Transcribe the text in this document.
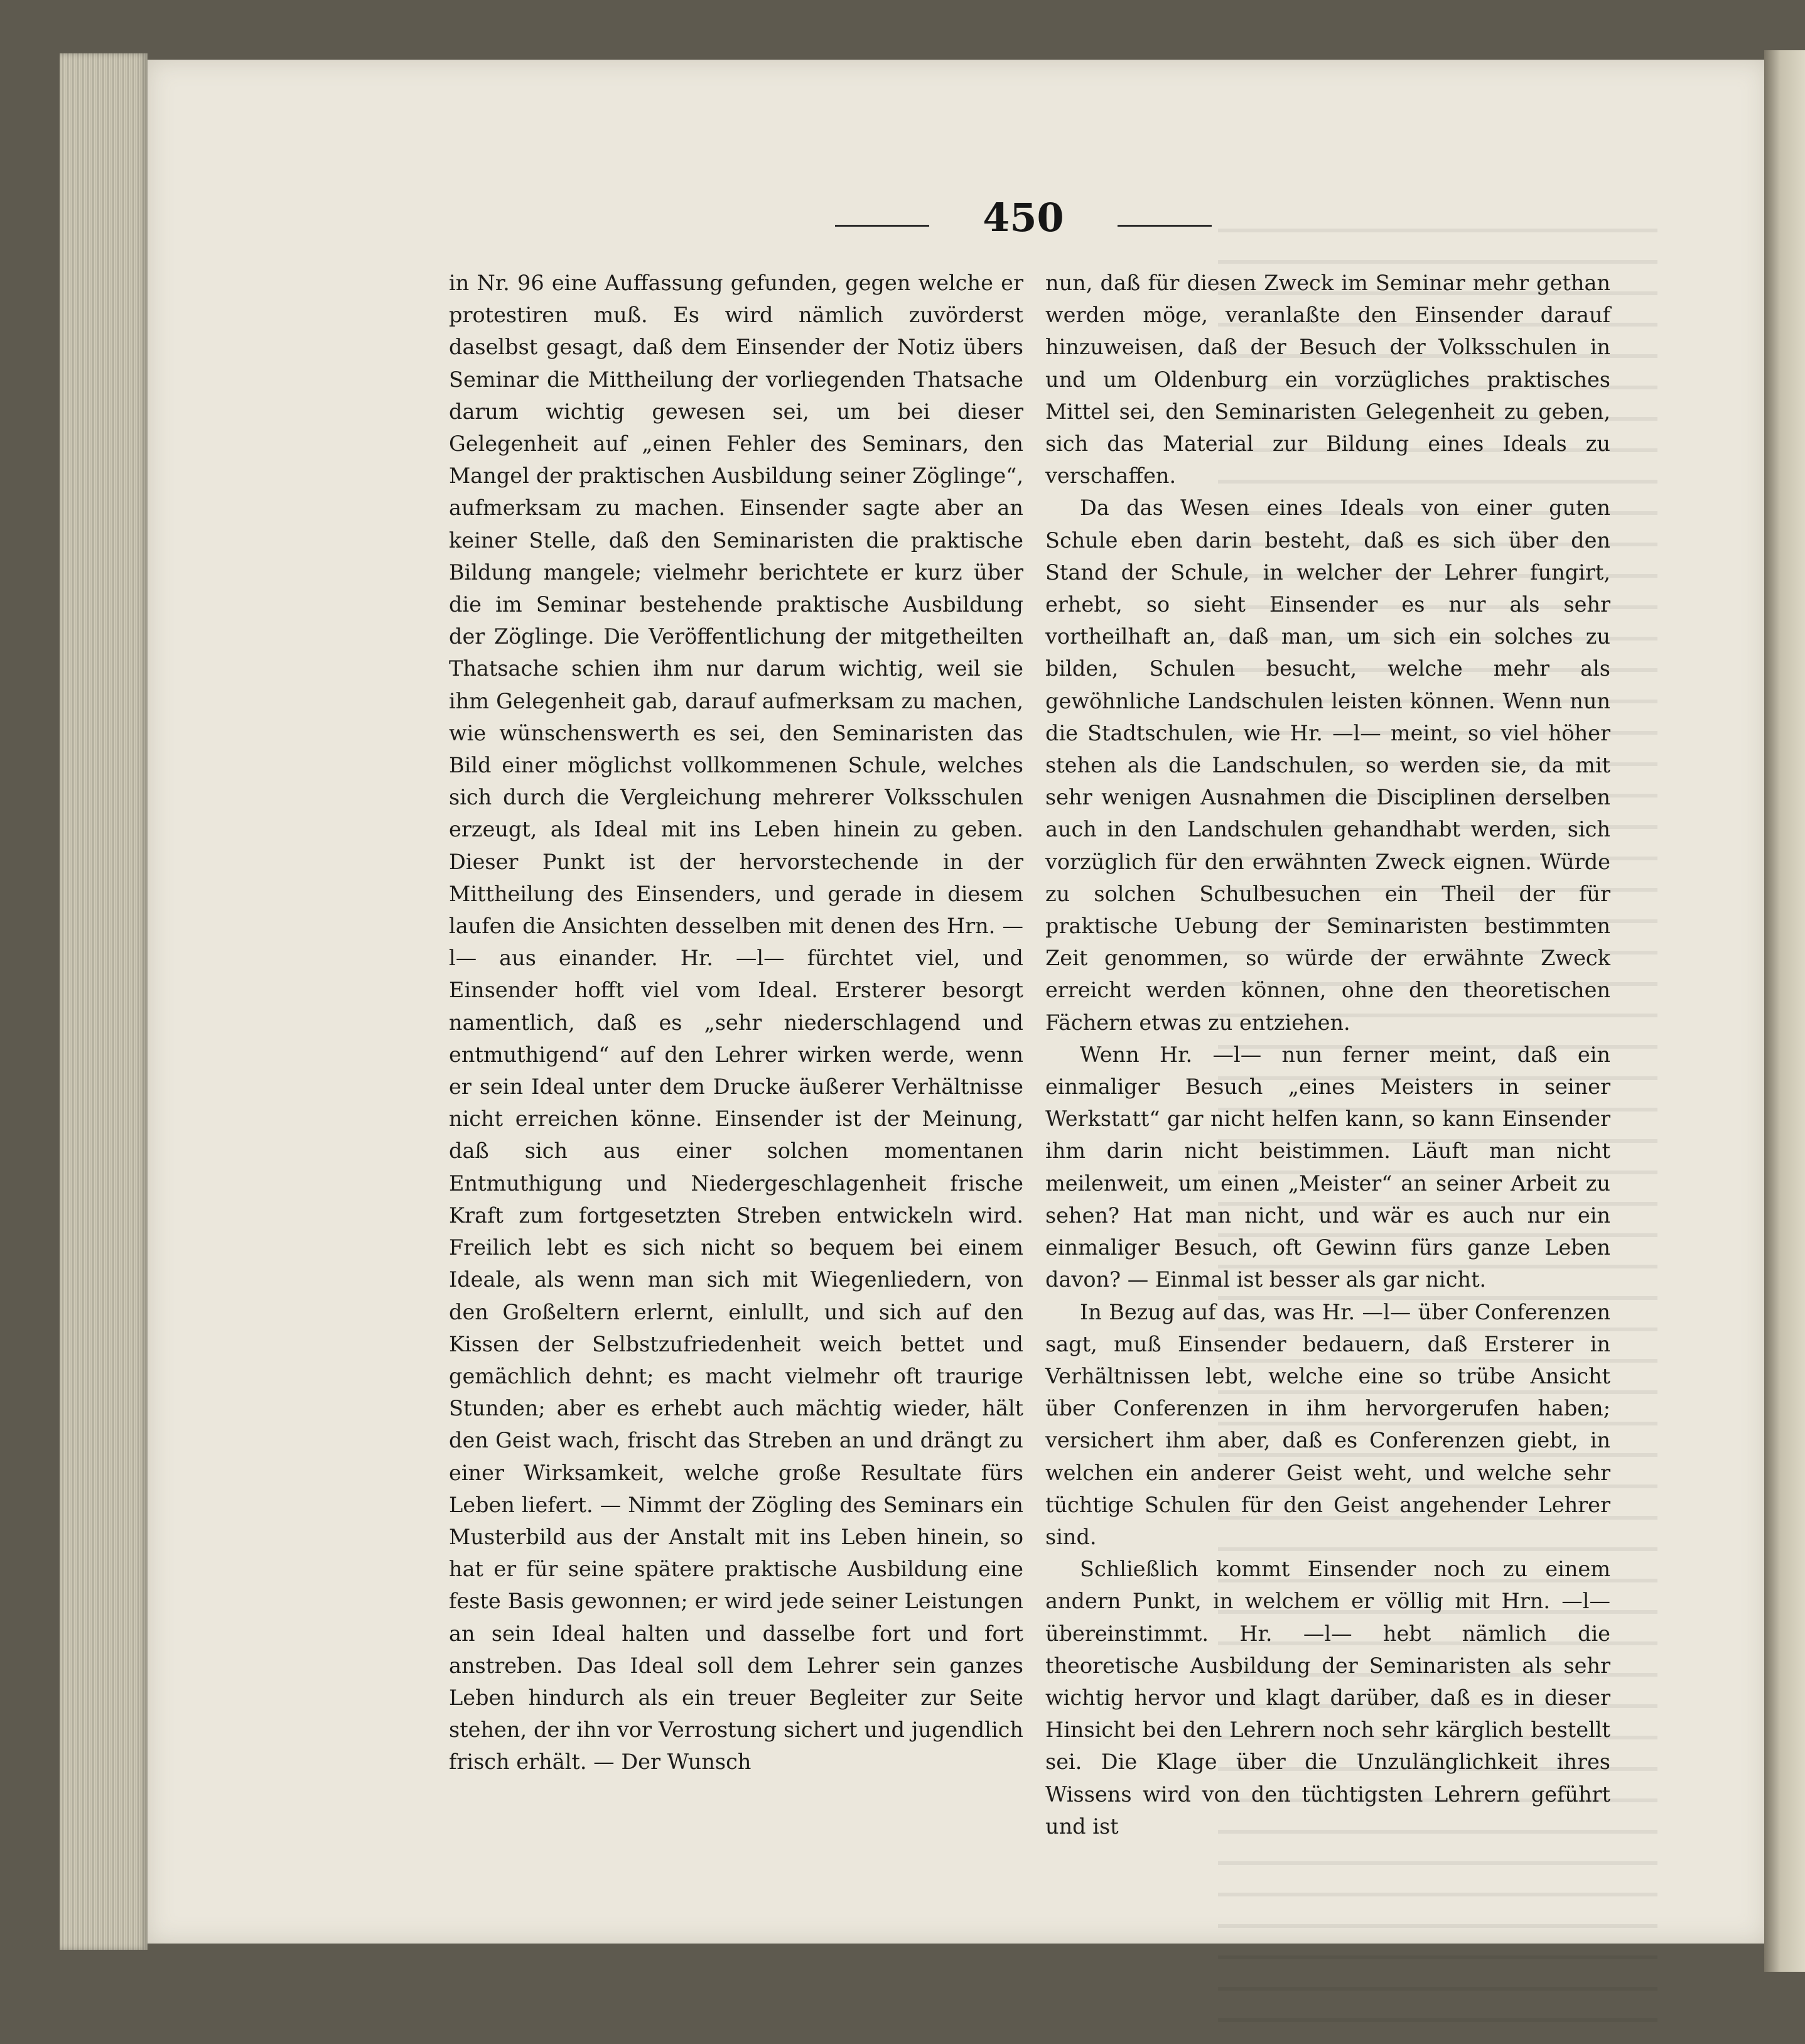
450

in Nr. 96 eine Auffassung gefunden, gegen welche er protestiren muß. Es wird nämlich zuvörderst daselbst gesagt, daß dem Einsender der Notiz übers Seminar die Mittheilung der vorliegenden Thatsache darum wichtig gewesen sei, um bei dieser Gelegenheit auf „einen Fehler des Seminars, den Mangel der praktischen Ausbildung seiner Zöglinge“, aufmerksam zu machen. Einsender sagte aber an keiner Stelle, daß den Seminaristen die praktische Bildung mangele; vielmehr berichtete er kurz über die im Seminar bestehende praktische Ausbildung der Zöglinge. Die Veröffentlichung der mitgetheilten Thatsache schien ihm nur darum wichtig, weil sie ihm Gelegenheit gab, darauf aufmerksam zu machen, wie wünschenswerth es sei, den Seminaristen das Bild einer möglichst vollkommenen Schule, welches sich durch die Vergleichung mehrerer Volksschulen erzeugt, als Ideal mit ins Leben hinein zu geben. Dieser Punkt ist der hervorstechende in der Mittheilung des Einsenders, und gerade in diesem laufen die Ansichten desselben mit denen des Hrn. —l— aus einander. Hr. —l— fürchtet viel, und Einsender hofft viel vom Ideal. Ersterer besorgt namentlich, daß es „sehr niederschlagend und entmuthigend“ auf den Lehrer wirken werde, wenn er sein Ideal unter dem Drucke äußerer Verhältnisse nicht erreichen könne. Einsender ist der Meinung, daß sich aus einer solchen momentanen Entmuthigung und Niedergeschlagenheit frische Kraft zum fortgesetzten Streben entwickeln wird. Freilich lebt es sich nicht so bequem bei einem Ideale, als wenn man sich mit Wiegenliedern, von den Großeltern erlernt, einlullt, und sich auf den Kissen der Selbstzufriedenheit weich bettet und gemächlich dehnt; es macht vielmehr oft traurige Stunden; aber es erhebt auch mächtig wieder, hält den Geist wach, frischt das Streben an und drängt zu einer Wirksamkeit, welche große Resultate fürs Leben liefert. — Nimmt der Zögling des Seminars ein Musterbild aus der Anstalt mit ins Leben hinein, so hat er für seine spätere praktische Ausbildung eine feste Basis gewonnen; er wird jede seiner Leistungen an sein Ideal halten und dasselbe fort und fort anstreben. Das Ideal soll dem Lehrer sein ganzes Leben hindurch als ein treuer Begleiter zur Seite stehen, der ihn vor Verrostung sichert und jugendlich frisch erhält. — Der Wunsch

nun, daß für diesen Zweck im Seminar mehr gethan werden möge, veranlaßte den Einsender darauf hinzuweisen, daß der Besuch der Volksschulen in und um Oldenburg ein vorzügliches praktisches Mittel sei, den Seminaristen Gelegenheit zu geben, sich das Material zur Bildung eines Ideals zu verschaffen.

Da das Wesen eines Ideals von einer guten Schule eben darin besteht, daß es sich über den Stand der Schule, in welcher der Lehrer fungirt, erhebt, so sieht Einsender es nur als sehr vortheilhaft an, daß man, um sich ein solches zu bilden, Schulen besucht, welche mehr als gewöhnliche Landschulen leisten können. Wenn nun die Stadtschulen, wie Hr. —l— meint, so viel höher stehen als die Landschulen, so werden sie, da mit sehr wenigen Ausnahmen die Disciplinen derselben auch in den Landschulen gehandhabt werden, sich vorzüglich für den erwähnten Zweck eignen. Würde zu solchen Schulbesuchen ein Theil der für praktische Uebung der Seminaristen bestimmten Zeit genommen, so würde der erwähnte Zweck erreicht werden können, ohne den theoretischen Fächern etwas zu entziehen.

Wenn Hr. —l— nun ferner meint, daß ein einmaliger Besuch „eines Meisters in seiner Werkstatt“ gar nicht helfen kann, so kann Einsender ihm darin nicht beistimmen. Läuft man nicht meilenweit, um einen „Meister“ an seiner Arbeit zu sehen? Hat man nicht, und wär es auch nur ein einmaliger Besuch, oft Gewinn fürs ganze Leben davon? — Einmal ist besser als gar nicht.

In Bezug auf das, was Hr. —l— über Conferenzen sagt, muß Einsender bedauern, daß Ersterer in Verhältnissen lebt, welche eine so trübe Ansicht über Conferenzen in ihm hervorgerufen haben; versichert ihm aber, daß es Conferenzen giebt, in welchen ein anderer Geist weht, und welche sehr tüchtige Schulen für den Geist angehender Lehrer sind.

Schließlich kommt Einsender noch zu einem andern Punkt, in welchem er völlig mit Hrn. —l— übereinstimmt. Hr. —l— hebt nämlich die theoretische Ausbildung der Seminaristen als sehr wichtig hervor und klagt darüber, daß es in dieser Hinsicht bei den Lehrern noch sehr kärglich bestellt sei. Die Klage über die Unzulänglichkeit ihres Wissens wird von den tüchtigsten Lehrern geführt und ist
